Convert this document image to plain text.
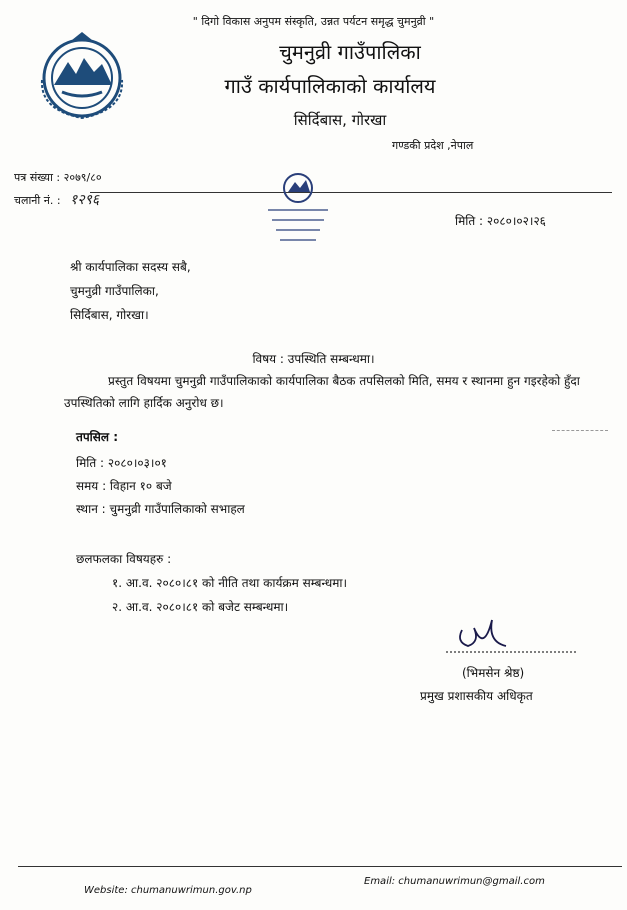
" दिगो विकास अनुपम संस्कृति, उन्नत पर्यटन समृद्ध चुमनुव्री "
चुमनुव्री गाउँपालिका
गाउँ कार्यपालिकाको कार्यालय
सिर्दिबास, गोरखा
गण्डकी प्रदेश ,नेपाल
पत्र संख्या : २०७९/८०
चलानी नं. : १२९६
मिति : २०८०।०२।२६
श्री कार्यपालिका सदस्य सबै,
चुमनुव्री गाउँपालिका,
सिर्दिबास, गोरखा।
विषय : उपस्थिति सम्बन्धमा।
प्रस्तुत विषयमा चुमनुव्री गाउँपालिकाको कार्यपालिका बैठक तपसिलको मिति, समय र स्थानमा हुन गइरहेको हुँदा उपस्थितिको लागि हार्दिक अनुरोध छ।
तपसिल :
मिति : २०८०।०३।०१
समय : विहान १० बजे
स्थान : चुमनुव्री गाउँपालिकाको सभाहल
छलफलका विषयहरु :
१. आ.व. २०८०।८१ को नीति तथा कार्यक्रम सम्बन्धमा।
२. आ.व. २०८०।८१ को बजेट सम्बन्धमा।
(भिमसेन श्रेष्ठ)
प्रमुख प्रशासकीय अधिकृत
Website: chumanuwrimun.gov.np
Email: chumanuwrimun@gmail.com
